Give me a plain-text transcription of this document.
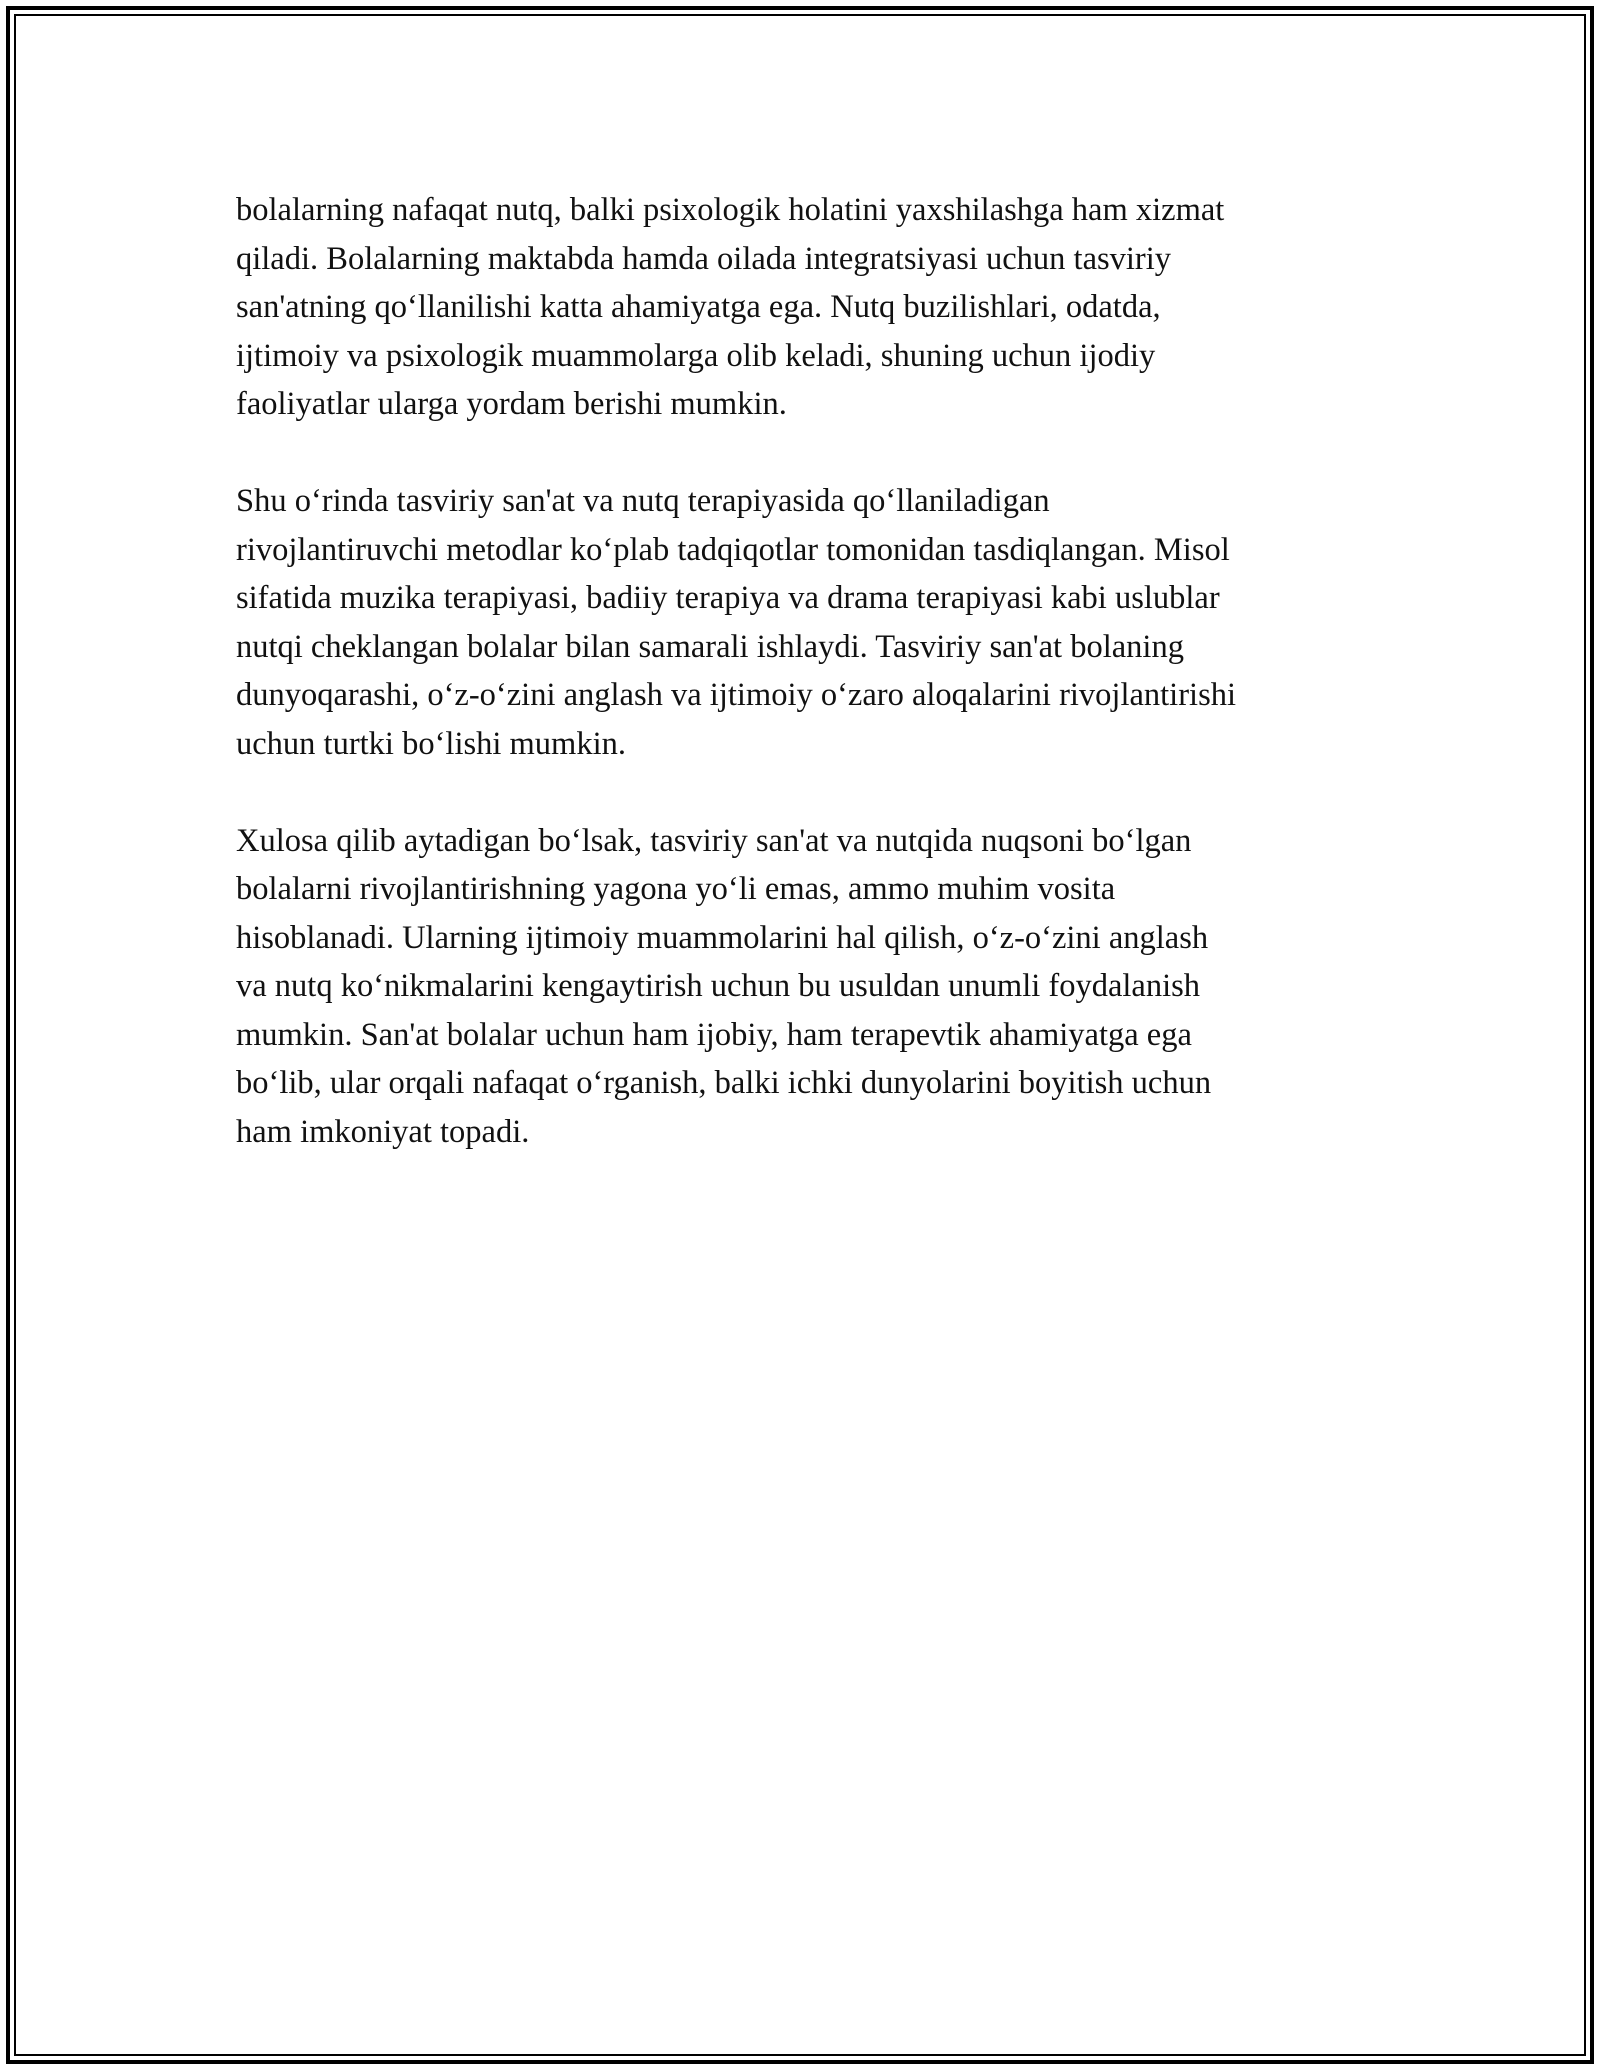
bolalarning nafaqat nutq, balki psixologik holatini yaxshilashga ham xizmat
qiladi. Bolalarning maktabda hamda oilada integratsiyasi uchun tasviriy
san'atning qo‘llanilishi katta ahamiyatga ega. Nutq buzilishlari, odatda,
ijtimoiy va psixologik muammolarga olib keladi, shuning uchun ijodiy
faoliyatlar ularga yordam berishi mumkin.

Shu o‘rinda tasviriy san'at va nutq terapiyasida qo‘llaniladigan
rivojlantiruvchi metodlar ko‘plab tadqiqotlar tomonidan tasdiqlangan. Misol
sifatida muzika terapiyasi, badiiy terapiya va drama terapiyasi kabi uslublar
nutqi cheklangan bolalar bilan samarali ishlaydi. Tasviriy san'at bolaning
dunyoqarashi, o‘z-o‘zini anglash va ijtimoiy o‘zaro aloqalarini rivojlantirishi
uchun turtki bo‘lishi mumkin.

Xulosa qilib aytadigan bo‘lsak, tasviriy san'at va nutqida nuqsoni bo‘lgan
bolalarni rivojlantirishning yagona yo‘li emas, ammo muhim vosita
hisoblanadi. Ularning ijtimoiy muammolarini hal qilish, o‘z-o‘zini anglash
va nutq ko‘nikmalarini kengaytirish uchun bu usuldan unumli foydalanish
mumkin. San'at bolalar uchun ham ijobiy, ham terapevtik ahamiyatga ega
bo‘lib, ular orqali nafaqat o‘rganish, balki ichki dunyolarini boyitish uchun
ham imkoniyat topadi.
